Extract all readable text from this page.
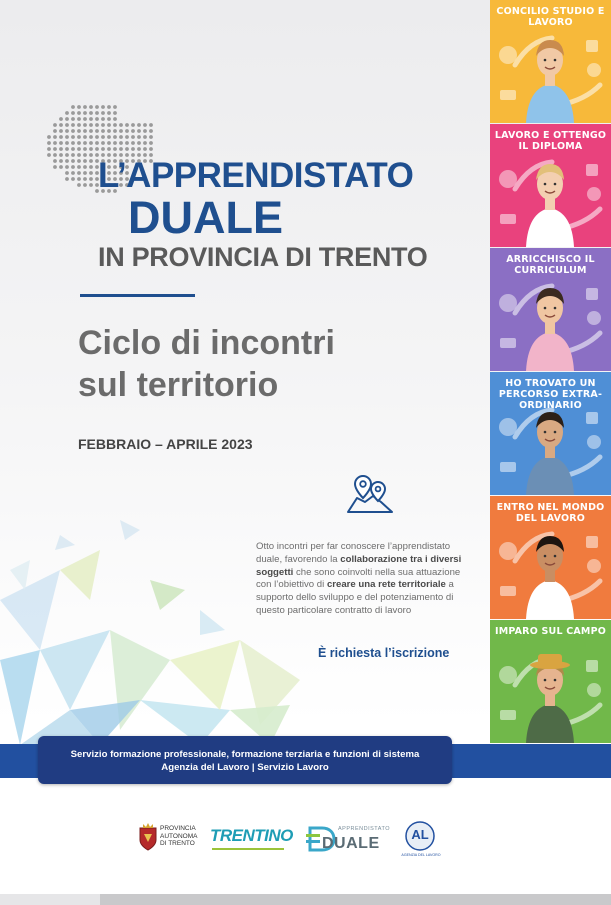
L’APPRENDISTATO
DUALE
IN PROVINCIA DI TRENTO
Ciclo di incontri
sul territorio

FEBBRAIO – APRILE 2023

Otto incontri per far conoscere l’apprendistato duale, favorendo la collaborazione tra i diversi soggetti che sono coinvolti nella sua attuazione con l’obiettivo di creare una rete territoriale a supporto dello sviluppo e del potenziamento di questo particolare contratto di lavoro

È richiesta l’iscrizione

CONCILIO STUDIO E LAVORO
LAVORO E OTTENGO IL DIPLOMA
ARRICCHISCO IL CURRICULUM
HO TROVATO UN PERCORSO EXTRA-ORDINARIO
ENTRO NEL MONDO DEL LAVORO
IMPARO SUL CAMPO

Servizio formazione professionale, formazione terziaria e funzioni di sistema

Agenzia del Lavoro | Servizio Lavoro

PROVINCIA AUTONOMA DI TRENTO TRENTINO	APPRENDISTATO
DUALE
AL
AGENZIA DEL LAVORO
